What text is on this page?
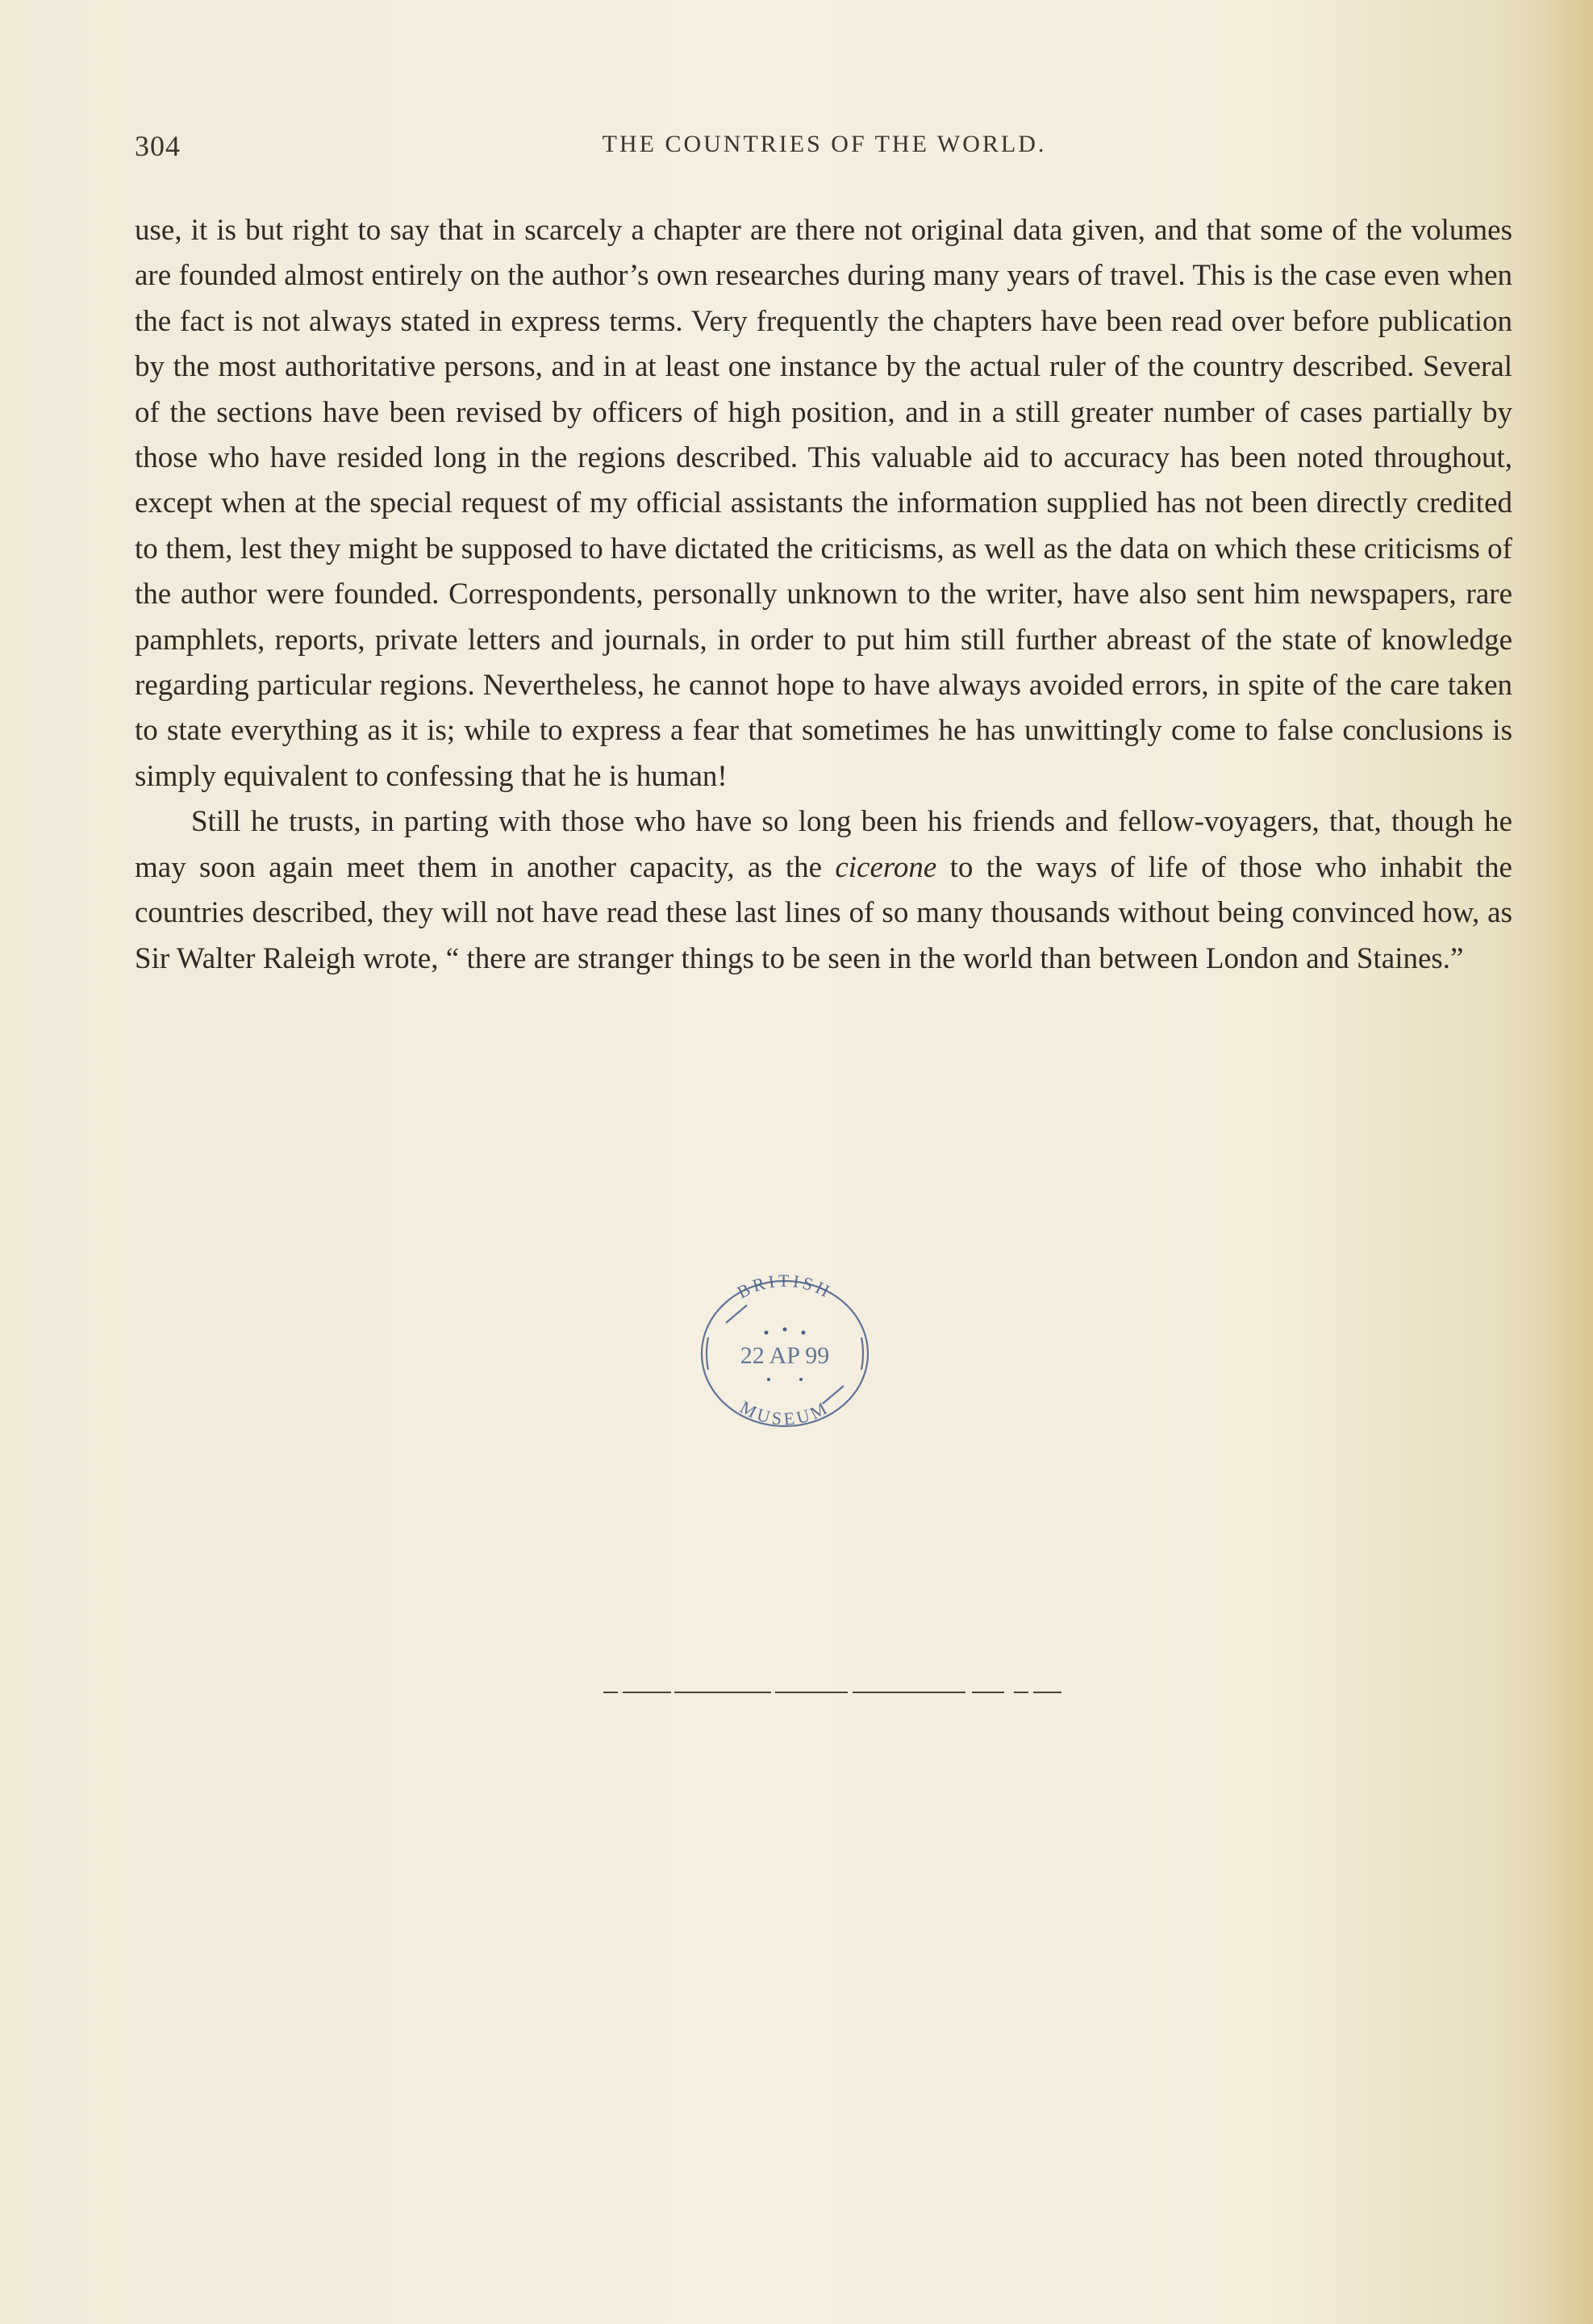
304	THE COUNTRIES OF THE WORLD.

use, it is but right to say that in scarcely a chapter are there not original data given, and that some of the volumes are founded almost entirely on the author’s own researches during many years of travel. This is the case even when the fact is not always stated in express terms. Very frequently the chapters have been read over before publication by the most authoritative persons, and in at least one instance by the actual ruler of the country described. Several of the sections have been revised by officers of high position, and in a still greater number of cases partially by those who have resided long in the regions described. This valuable aid to accuracy has been noted throughout, except when at the special request of my official assistants the information supplied has not been directly credited to them, lest they might be supposed to have dictated the criticisms, as well as the data on which these criticisms of the author were founded. Correspondents, personally unknown to the writer, have also sent him newspapers, rare pamphlets, reports, private letters and journals, in order to put him still further abreast of the state of knowledge regarding particular regions. Nevertheless, he cannot hope to have always avoided errors, in spite of the care taken to state everything as it is; while to express a fear that sometimes he has unwittingly come to false conclusions is simply equivalent to confessing that he is human!

Still he trusts, in parting with those who have so long been his friends and fellow-voyagers, that, though he may soon again meet them in another capacity, as the cicerone to the ways of life of those who inhabit the countries described, they will not have read these last lines of so many thousands without being convinced how, as Sir Walter Raleigh wrote, “ there are stranger things to be seen in the world than between London and Staines.”

BRITISH
MUSEUM
22 AP 99
